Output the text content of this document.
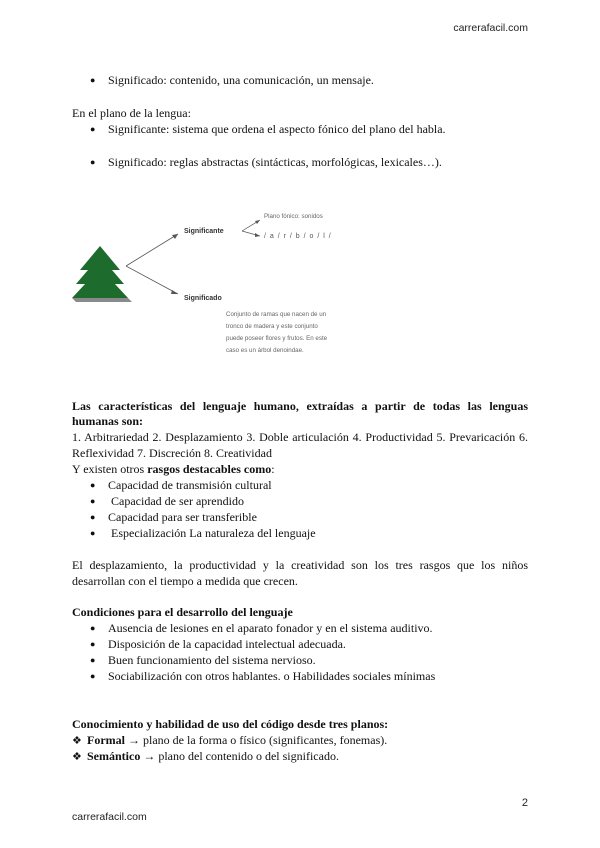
carrerafacil.com
● Significado: contenido, una comunicación, un mensaje.
En el plano de la lengua:
● Significante: sistema que ordena el aspecto fónico del plano del habla.
● Significado: reglas abstractas (sintácticas, morfológicas, lexicales…).
Significante
Plano fónico: sonidos
/ a / r / b / o / l /
Significado
Conjunto de ramas que nacen de un
tronco de madera y este conjunto
puede poseer flores y frutos. En este
caso es un árbol denoindae.
Las características del lenguaje humano, extraídas a partir de todas las lenguas
humanas son:
1. Arbitrariedad 2. Desplazamiento 3. Doble articulación 4. Productividad 5. Prevaricación 6.
Reflexividad 7. Discreción 8. Creatividad
Y existen otros rasgos destacables como:
● Capacidad de transmisión cultural
● Capacidad de ser aprendido
● Capacidad para ser transferible
● Especialización La naturaleza del lenguaje
El desplazamiento, la productividad y la creatividad son los tres rasgos que los niños
desarrollan con el tiempo a medida que crecen.
Condiciones para el desarrollo del lenguaje
● Ausencia de lesiones en el aparato fonador y en el sistema auditivo.
● Disposición de la capacidad intelectual adecuada.
● Buen funcionamiento del sistema nervioso.
● Sociabilización con otros hablantes. o Habilidades sociales mínimas
Conocimiento y habilidad de uso del código desde tres planos:
❖ Formal → plano de la forma o físico (significantes, fonemas).
❖ Semántico → plano del contenido o del significado.
2
carrerafacil.com
